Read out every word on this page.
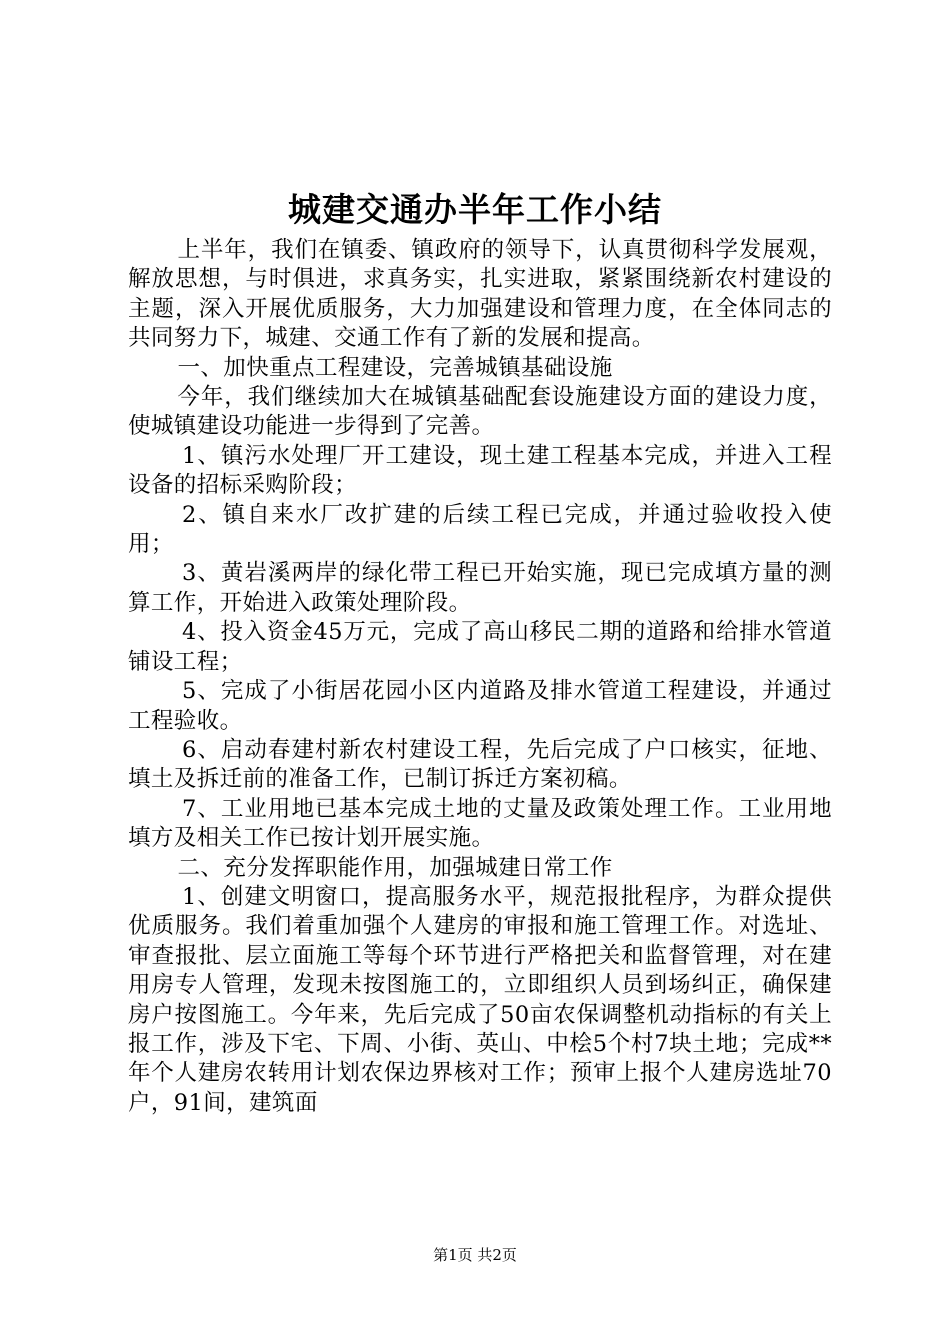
城建交通办半年工作小结

上半年，我们在镇委、镇政府的领导下，认真贯彻科学发展观，解放思想，与时俱进，求真务实，扎实进取，紧紧围绕新农村建设的主题，深入开展优质服务，大力加强建设和管理力度，在全体同志的共同努力下，城建、交通工作有了新的发展和提高。

一、加快重点工程建设，完善城镇基础设施

今年，我们继续加大在城镇基础配套设施建设方面的建设力度，使城镇建设功能进一步得到了完善。

1、镇污水处理厂开工建设，现土建工程基本完成，并进入工程设备的招标采购阶段；

2、镇自来水厂改扩建的后续工程已完成，并通过验收投入使用；

3、黄岩溪两岸的绿化带工程已开始实施，现已完成填方量的测算工作，开始进入政策处理阶段。

4、投入资金45万元，完成了高山移民二期的道路和给排水管道铺设工程；

5、完成了小街居花园小区内道路及排水管道工程建设，并通过工程验收。

6、启动春建村新农村建设工程，先后完成了户口核实，征地、填土及拆迁前的准备工作，已制订拆迁方案初稿。

7、工业用地已基本完成土地的丈量及政策处理工作。工业用地填方及相关工作已按计划开展实施。

二、充分发挥职能作用，加强城建日常工作

1、创建文明窗口，提高服务水平，规范报批程序，为群众提供优质服务。我们着重加强个人建房的审报和施工管理工作。对选址、审查报批、层立面施工等每个环节进行严格把关和监督管理，对在建用房专人管理，发现未按图施工的，立即组织人员到场纠正，确保建房户按图施工。今年来，先后完成了50亩农保调整机动指标的有关上报工作，涉及下宅、下周、小街、英山、中桧5个村7块土地；完成**年个人建房农转用计划农保边界核对工作；预审上报个人建房选址70户，91间，建筑面

第1页 共2页
